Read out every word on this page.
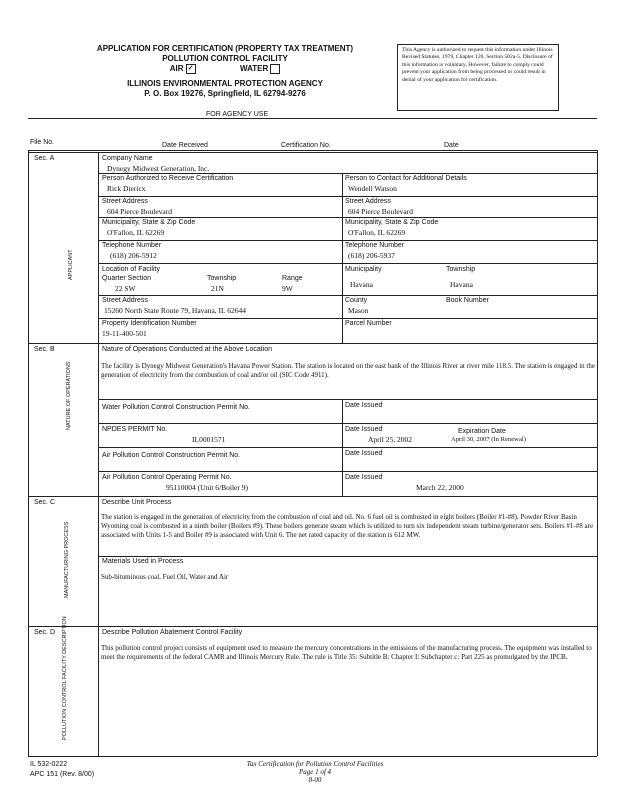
APPLICATION FOR CERTIFICATION (PROPERTY TAX TREATMENT)
POLLUTION CONTROL FACILITY
AIR ✓	WATER
ILLINOIS ENVIRONMENTAL PROTECTION AGENCY
P. O. Box 19276, Springfield, IL 62794-9276
This Agency is authorized to request this information under Illinois Revised Statutes, 1979, Chapter 120, Section 502a-5. Disclosure of this information is voluntary. However, failure to comply could prevent your application from being processed or could result in denial of your application for certification.
FOR AGENCY USE
File No.	Date Received	Certification No.	Date
Sec. A
APPLICANT
Company Name
Dynegy Midwest Generation, Inc.
Person Authorized to Receive Certification
Rick Diericx
Person to Contact for Additional Details
Wendell Watson
Street Address
604 Pierce Boulevard
Street Address
604 Pierce Boulevard
Municipality, State & Zip Code
O'Fallon, IL 62269
Municipality, State & Zip Code
O'Fallon, IL 62269
Telephone Number
(618) 206-5912
Telephone Number
(618) 206-5937
Location of Facility
Quarter Section
22 SW
Township
21N
Range
9W
Municipality
Havana
Township
Havana
Street Address
15260 North State Route 79, Havana, IL 62644
County
Mason
Book Number
Property Identification Number
19-11-400-501
Parcel Number
Sec. B
NATURE OF OPERATIONS
Nature of Operations Conducted at the Above Location
The facility is Dynegy Midwest Generation's Havana Power Station. The station is located on the east bank of the Illinois River at river mile 118.5. The station is engaged in the generation of electricity from the combustion of coal and/or oil (SIC Code 4911).
Water Pollution Control Construction Permit No.	Date Issued
NPDES PERMIT No.
IL0001571
Date Issued
April 25, 2002
Expiration Date
April 30, 2007 (In Renewal)
Air Pollution Control Construction Permit No.	Date Issued
Air Pollution Control Operating Permit No.
95110004 (Unit 6/Boiler 9)
Date Issued
March 22, 2000
Sec. C
MANUFACTURING PROCESS
Describe Unit Process
The station is engaged in the generation of electricity from the combustion of coal and oil. No. 6 fuel oil is combusted in eight boilers (Boiler #1-#8). Powder River Basin Wyoming coal is combusted in a ninth boiler (Boilers #9). These boilers generate steam which is utilized to turn six independent steam turbine/generator sets. Boilers #1-#8 are associated with Units 1-5 and Boiler #9 is associated with Unit 6. The net rated capacity of the station is 612 MW.
Materials Used in Process
Sub-bituminous coal, Fuel Oil, Water and Air
Sec. D POLLUTION CONTROL FACILITY DESCRIPTION	Describe Pollution Abatement Control Facility
This pollution control project consists of equipment used to measure the mercury concentrations in the emissions of the manufacturing process. The equipment was installed to meet the requirements of the federal CAMR and Illinois Mercury Rule. The rule is Title 35: Subtitle B: Chapter I: Subchapter c: Part 225 as promulgated by the IPCB.
IL 532-0222
APC 151 (Rev. 8/00)
Tax Certification for Pollution Control Facilities
Page 1 of 4
8-00
